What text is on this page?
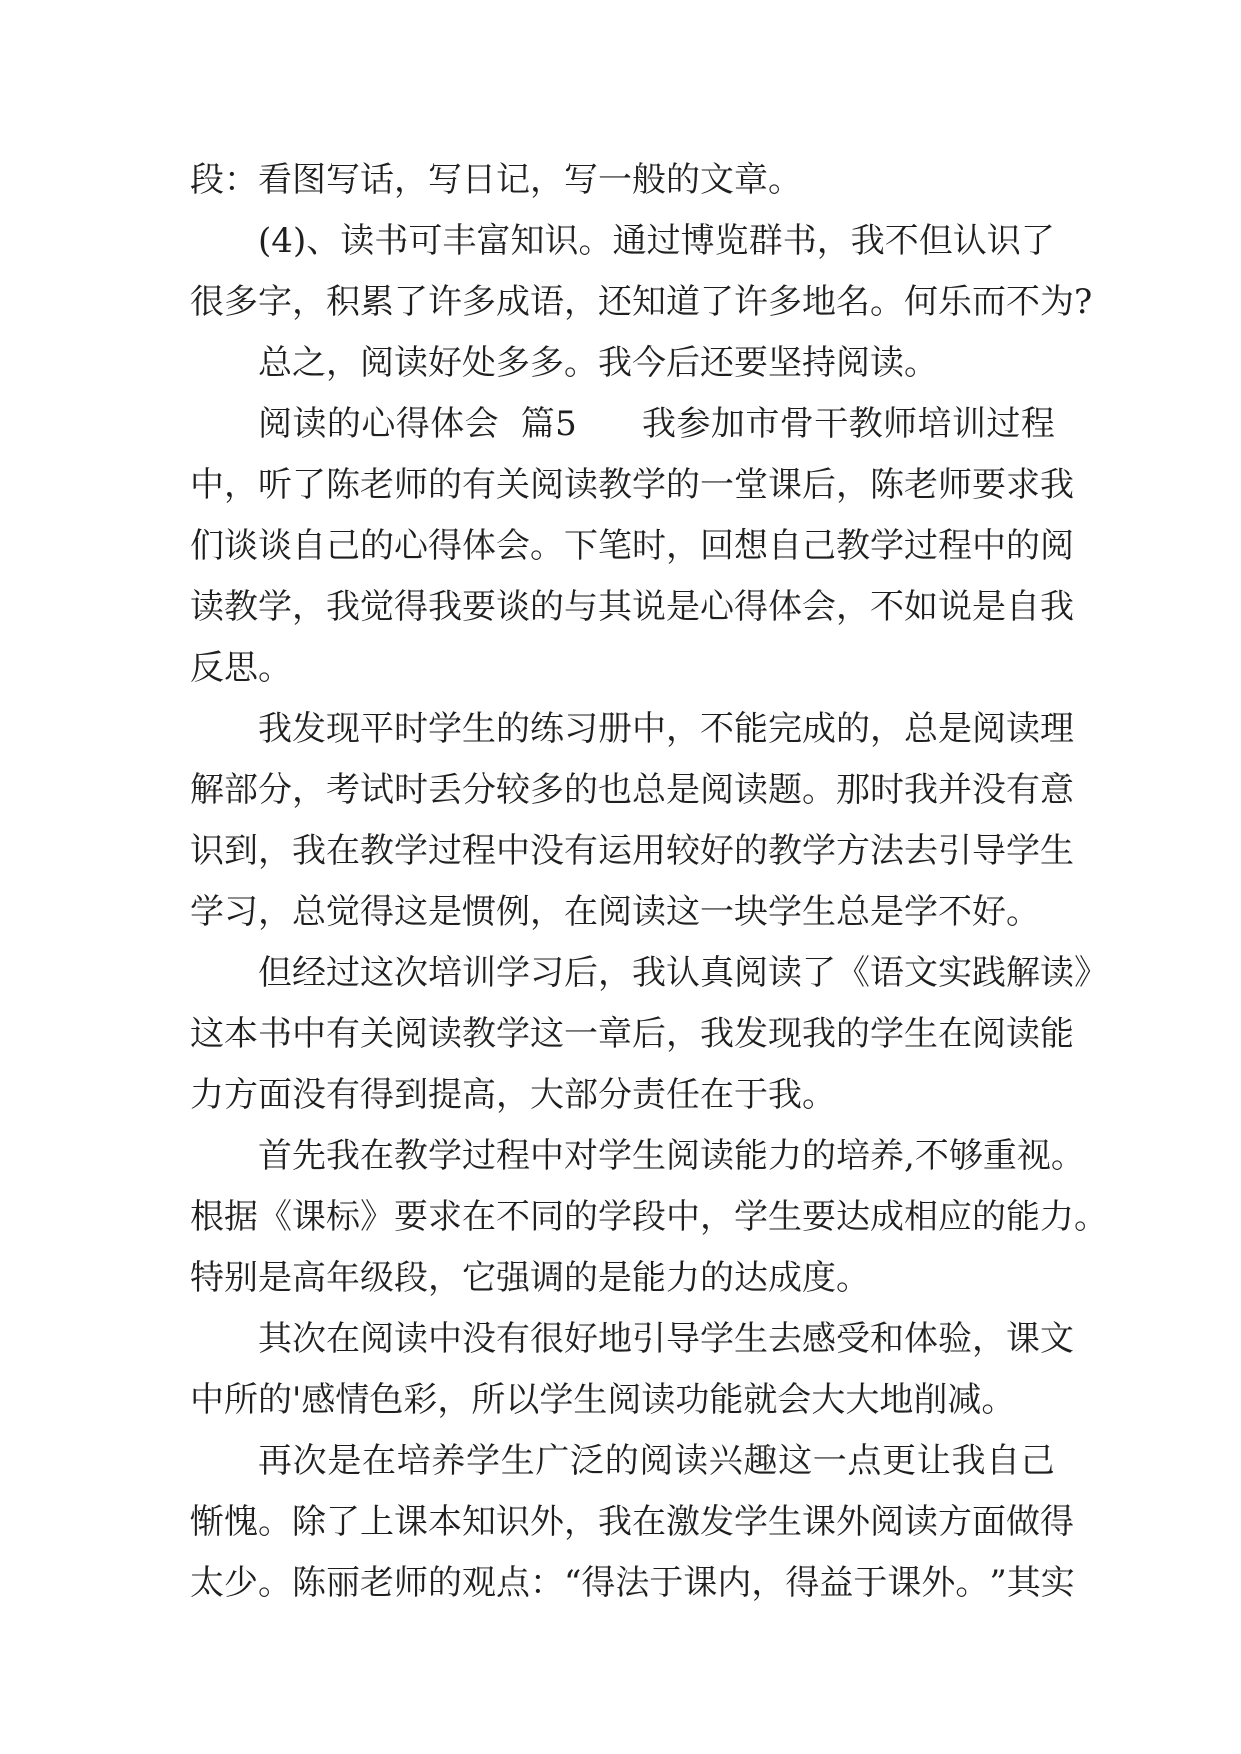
段：看图写话，写日记，写一般的文章。
( 4 ) 、 读 书 可 丰 富 知 识 。 通 过 博 览 群 书 ， 我 不 但 认 识 了
很多字，积累了许多成语，还知道了许多地名。何乐而不为?
总之，阅读好处多多。我今后还要坚持阅读。
阅 读 的 心 得 体 会 篇 5 我 参 加 市 骨 干 教 师 培 训 过 程
中 ， 听 了 陈 老 师 的 有 关 阅 读 教 学 的 一 堂 课 后 ， 陈 老 师 要 求 我
们 谈 谈 自 己 的 心 得 体 会 。 下 笔 时 ， 回 想 自 己 教 学 过 程 中 的 阅
读 教 学 ， 我 觉 得 我 要 谈 的 与 其 说 是 心 得 体 会 ， 不 如 说 是 自 我
反思。
我 发 现 平 时 学 生 的 练 习 册 中 ， 不 能 完 成 的 ， 总 是 阅 读 理
解 部 分 ， 考 试 时 丢 分 较 多 的 也 总 是 阅 读 题 。 那 时 我 并 没 有 意
识 到 ， 我 在 教 学 过 程 中 没 有 运 用 较 好 的 教 学 方 法 去 引 导 学 生
学习，总觉得这是惯例，在阅读这一块学生总是学不好。
但 经 过 这 次 培 训 学 习 后 ， 我 认 真 阅 读 了 《 语 文 实 践 解 读 》
这 本 书 中 有 关 阅 读 教 学 这 一 章 后 ， 我 发 现 我 的 学 生 在 阅 读 能
力方面没有得到提高，大部分责任在于我。
首 先 我 在 教 学 过 程 中 对 学 生 阅 读 能 力 的 培 养 , 不 够 重 视 。
根 据 《 课 标 》 要 求 在 不 同 的 学 段 中 ， 学 生 要 达 成 相 应 的 能 力 。
特别是高年级段，它强调的是能力的达成度。
其 次 在 阅 读 中 没 有 很 好 地 引 导 学 生 去 感 受 和 体 验 ， 课 文
中所的'感情色彩，所以学生阅读功能就会大大地削减。
再 次 是 在 培 养 学 生 广 泛 的 阅 读 兴 趣 这 一 点 更 让 我 自 己
惭 愧 。 除 了 上 课 本 知 识 外 ， 我 在 激 发 学 生 课 外 阅 读 方 面 做 得
太 少 。 陈 丽 老 师 的 观 点 ： “ 得 法 于 课 内 ， 得 益 于 课 外 。 ” 其 实
